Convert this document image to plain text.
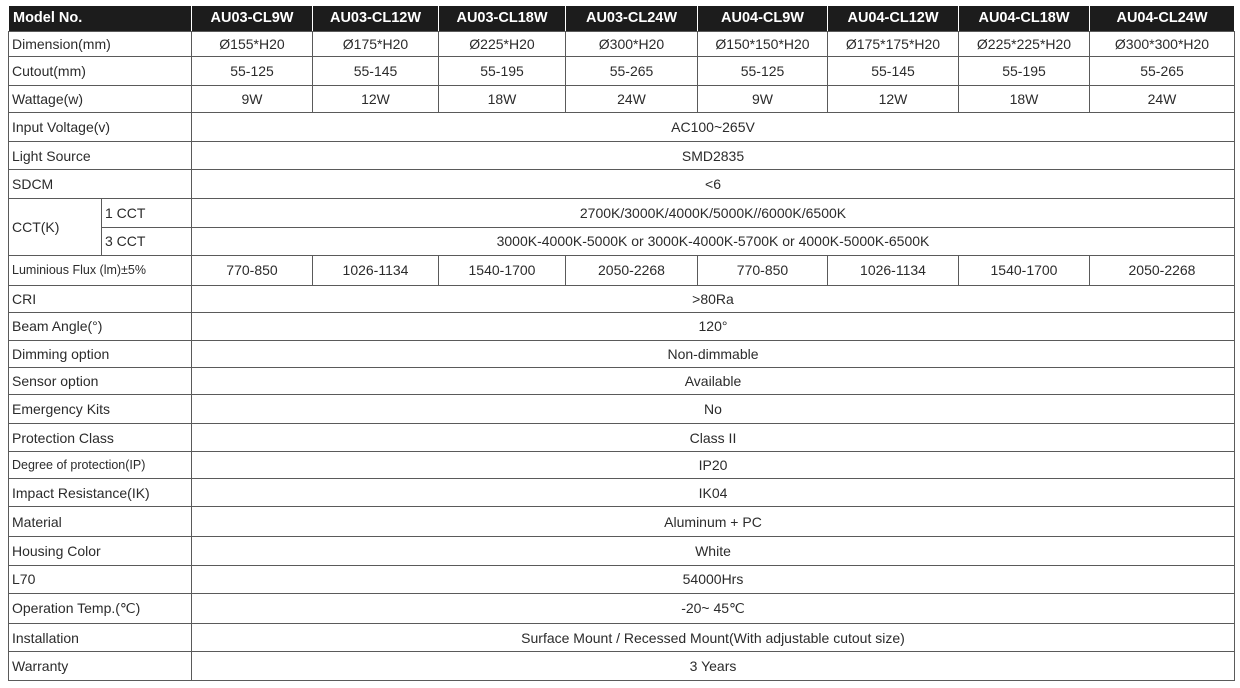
Model No.		AU03-CL9W	AU03-CL12W	AU03-CL18W	AU03-CL24W	AU04-CL9W	AU04-CL12W	AU04-CL18W	AU04-CL24W
Dimension(mm)		Ø155*H20	Ø175*H20	Ø225*H20	Ø300*H20	Ø150*150*H20	Ø175*175*H20	Ø225*225*H20	Ø300*300*H20
Cutout(mm)		55-125	55-145	55-195	55-265	55-125	55-145	55-195	55-265
Wattage(w)		9W	12W	18W	24W	9W	12W	18W	24W
Input Voltage(v)		AC100~265V							
Light Source		SMD2835							
SDCM		<6							
CCT(K)	1 CCT	2700K/3000K/4000K/5000K//6000K/6500K							
	3 CCT	3000K-4000K-5000K or 3000K-4000K-5700K or 4000K-5000K-6500K							
Luminious Flux (lm)±5%		770-850	1026-1134	1540-1700	2050-2268	770-850	1026-1134	1540-1700	2050-2268
CRI		>80Ra							
Beam Angle(°)		120°							
Dimming option		Non-dimmable							
Sensor option		Available							
Emergency Kits		No							
Protection Class		Class II							
Degree of protection(IP)		IP20							
Impact Resistance(IK)		IK04							
Material		Aluminum + PC							
Housing Color		White							
L70		54000Hrs							
Operation Temp.(℃)		-20~ 45℃							
Installation		Surface Mount / Recessed Mount(With adjustable cutout size)							
Warranty		3 Years							
